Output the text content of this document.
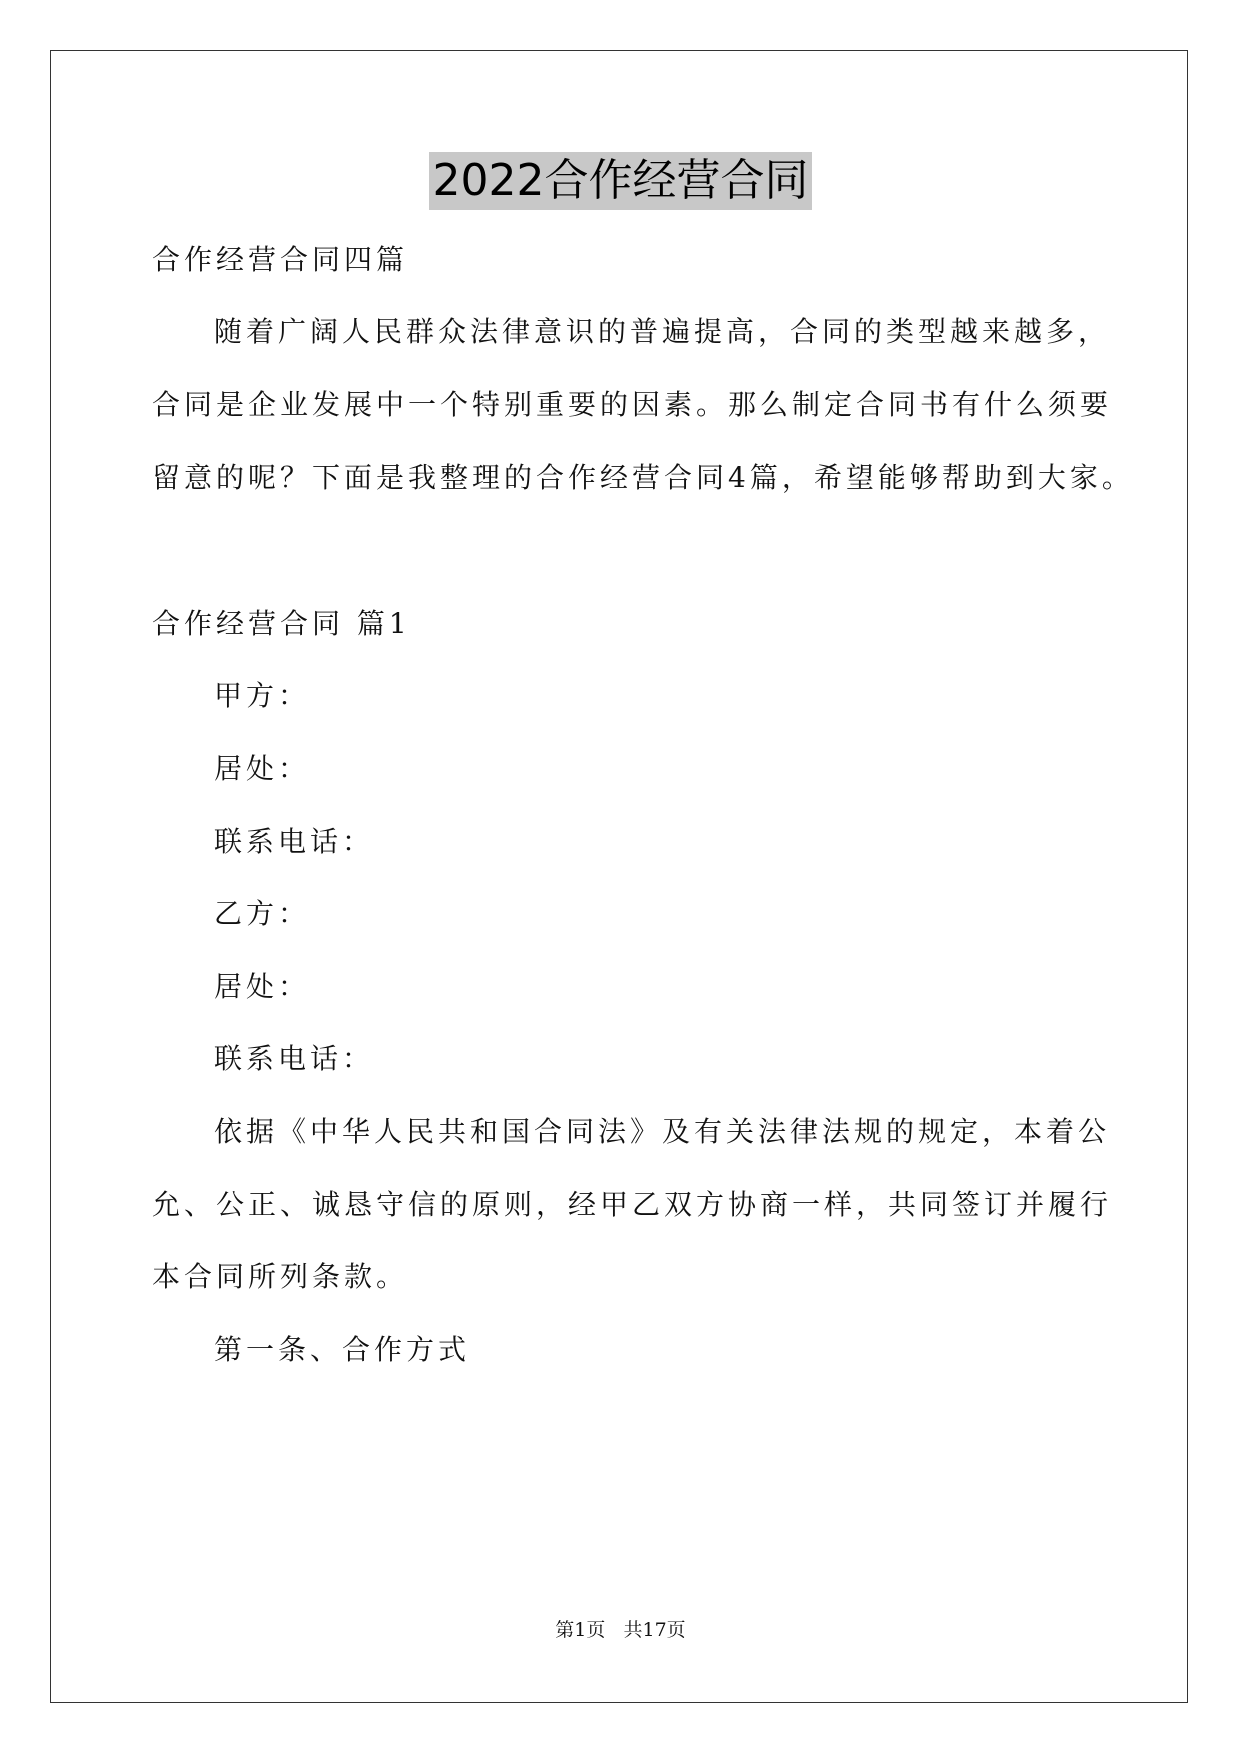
2022合作经营合同
合作经营合同四篇
随着广阔人民群众法律意识的普遍提高，合同的类型越来越多，
合同是企业发展中一个特别重要的因素。那么制定合同书有什么须要
留意的呢？下面是我整理的合作经营合同4篇，希望能够帮助到大家。
合作经营合同 篇1
甲方：
居处：
联系电话：
乙方：
居处：
联系电话：
依据《中华人民共和国合同法》及有关法律法规的规定，本着公
允、公正、诚恳守信的原则，经甲乙双方协商一样，共同签订并履行
本合同所列条款。
第一条、合作方式
第1页   共17页
